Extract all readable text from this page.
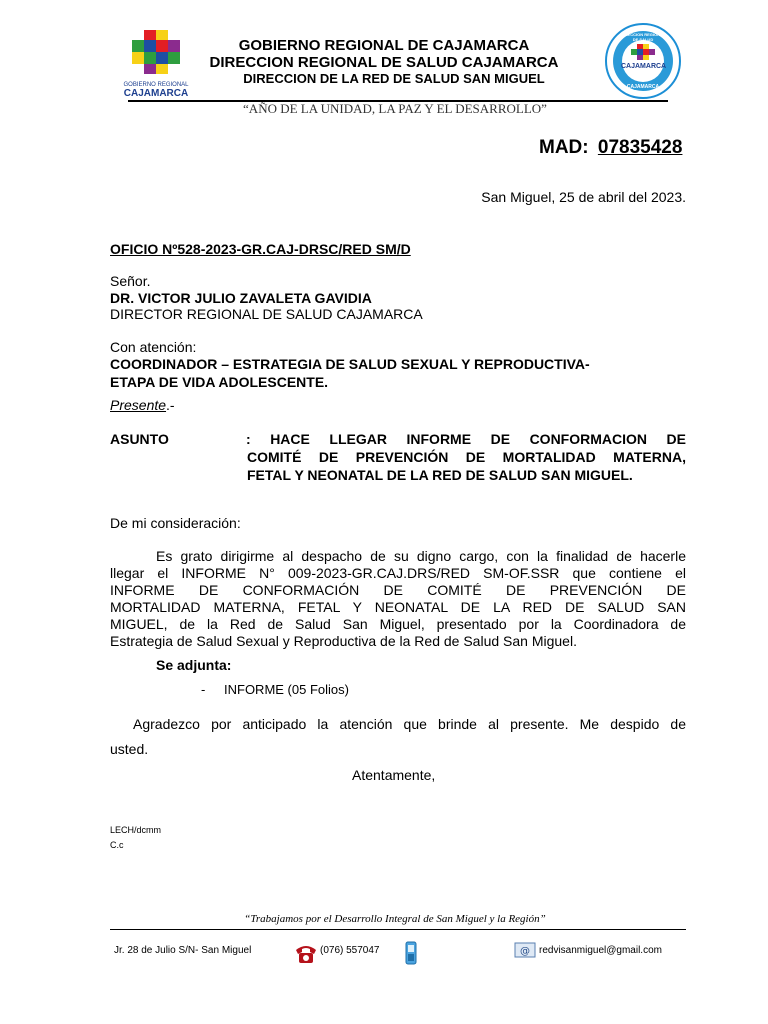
GOBIERNO REGIONAL
CAJAMARCA
DIRECCION REGIONAL DE SALUD
CAJAMARCA
CAJAMARCA
GOBIERNO REGIONAL DE CAJAMARCA
DIRECCION REGIONAL DE SALUD CAJAMARCA
DIRECCION DE LA RED DE SALUD SAN MIGUEL
“AÑO DE LA UNIDAD, LA PAZ Y EL DESARROLLO”
MAD: 07835428
San Miguel, 25 de abril del 2023.
OFICIO Nº528-2023-GR.CAJ-DRSC/RED SM/D
Señor.
DR. VICTOR JULIO ZAVALETA GAVIDIA
DIRECTOR REGIONAL DE SALUD CAJAMARCA
Con atención:
COORDINADOR – ESTRATEGIA DE SALUD SEXUAL Y REPRODUCTIVA-
ETAPA DE VIDA ADOLESCENTE.
Presente.-
ASUNTO	: HACE LLEGAR INFORME DE CONFORMACION DE
COMITÉ DE PREVENCIÓN DE MORTALIDAD MATERNA,
FETAL Y NEONATAL DE LA RED DE SALUD SAN MIGUEL.
De mi consideración:
Es grato dirigirme al despacho de su digno cargo, con la finalidad de hacerle
llegar el INFORME N° 009-2023-GR.CAJ.DRS/RED SM-OF.SSR que contiene el
INFORME DE CONFORMACIÓN DE COMITÉ DE PREVENCIÓN DE
MORTALIDAD MATERNA, FETAL Y NEONATAL DE LA RED DE SALUD SAN
MIGUEL, de la Red de Salud San Miguel, presentado por la Coordinadora de
Estrategia de Salud Sexual y Reproductiva de la Red de Salud San Miguel.
Se adjunta:
- INFORME (05 Folios)
Agradezco por anticipado la atención que brinde al presente. Me despido de
usted.
Atentamente,
LECH/dcmm
C.c
“Trabajamos por el Desarrollo Integral de San Miguel y la Región”
Jr. 28 de Julio S/N- San Miguel	(076) 557047	@ redvisanmiguel@gmail.com
